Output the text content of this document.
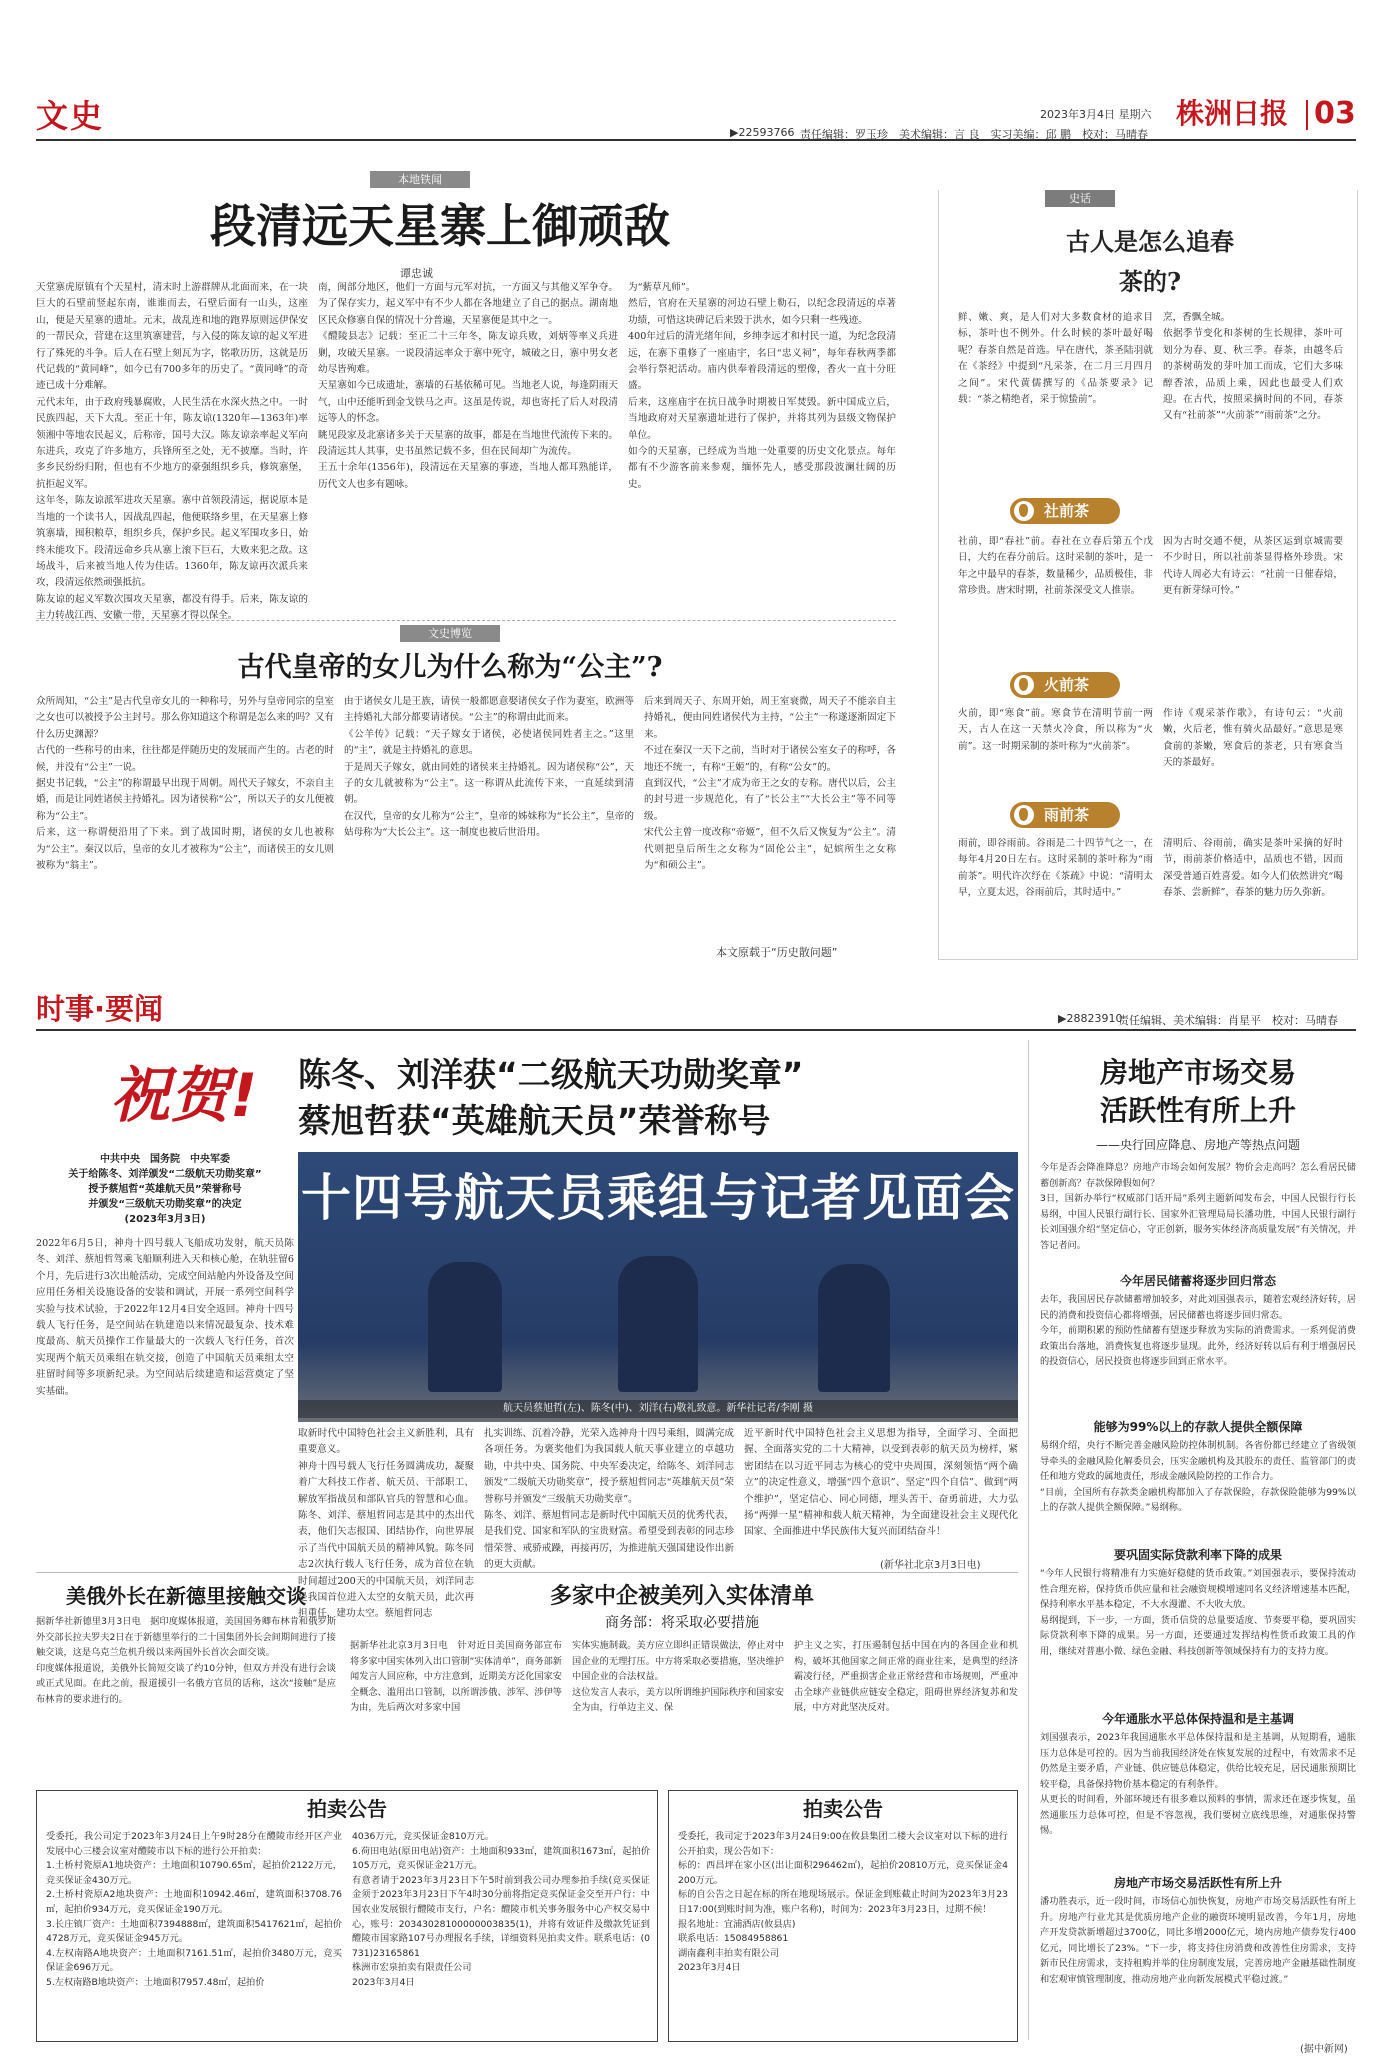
文史	2023年3月4日 星期六 株洲日报 03
▶22593766 责任编辑：罗玉珍　美术编辑：言 良　实习美编：邱 鹏　校对：马晴春
本地铁闻
段清远天星寨上御顽敌
谭忠诚
天堂寨虎原镇有个天星村，清末时上游群牌从北面而来，在一块巨大的石壁前竖起东南，谁谁而去，石壁后面有一山头，这座山，便是天星寨的遗址。元末，战乱连和地的跑界原则远伊保安的一帮民众，营建在这里筑寨建营，与入侵的陈友谅的起义军进行了殊死的斗争。后人在石壁上刻瓦为字，铭歌历历，这就是历代记载的“黄同峰”，如今已有700多年的历史了。“黄同峰”的奇迹已成十分难解。
元代末年，由于政府残暴腐败，人民生活在水深火热之中。一时民族四起，天下大乱。至正十年，陈友谅(1320年—1363年)率领湘中等地农民起义，后称帝，国号大汉。陈友谅亲率起义军向东进兵，攻克了许多地方，兵锋所至之处，无不披靡。当时，许多乡民纷纷归附，但也有不少地方的豪强组织乡兵，修筑寨堡，抗拒起义军。
这年冬，陈友谅派军进攻天星寨。寨中首领段清远，据说原本是当地的一个读书人，因战乱四起，他便联络乡里，在天星寨上修筑寨墙，囤积粮草，组织乡兵，保护乡民。起义军围攻多日，始终未能攻下。段清远命乡兵从寨上滚下巨石，大败来犯之敌。这场战斗，后来被当地人传为佳话。1360年，陈友谅再次派兵来攻，段清远依然顽强抵抗。
陈友谅的起义军数次围攻天星寨，都没有得手。后来，陈友谅的主力转战江西、安徽一带，天星寨才得以保全。
南，闽部分地区，他们一方面与元军对抗，一方面又与其他义军争夺。为了保存实力，起义军中有不少人都在各地建立了自己的据点。湖南地区民众修寨自保的情况十分普遍，天星寨便是其中之一。
《醴陵县志》记载：至正二十三年冬，陈友谅兵败，刘炳等率义兵进剿，攻破天星寨。一说段清远率众于寨中死守，城破之日，寨中男女老幼尽皆殉难。
天星寨如今已成遗址，寨墙的石基依稀可见。当地老人说，每逢阴雨天气，山中还能听到金戈铁马之声。这虽是传说，却也寄托了后人对段清远等人的怀念。
眺见段家及北寨诸多关于天星寨的故事，都是在当地世代流传下来的。段清远其人其事，史书虽然记载不多，但在民间却广为流传。
王五十余年(1356年)，段清远在天星寨的事迹，当地人都耳熟能详，历代文人也多有题咏。
为“紫草凡师”。
然后，官府在天星寨的河边石壁上勒石，以纪念段清远的卓著功绩，可惜这块碑记后来毁于洪水，如今只剩一些残迹。
400年过后的清光绪年间，乡绅李远才和村民一道，为纪念段清远，在寨下重修了一座庙宇，名曰“忠义祠”，每年春秋两季都会举行祭祀活动。庙内供奉着段清远的塑像，香火一直十分旺盛。
后来，这座庙宇在抗日战争时期被日军焚毁。新中国成立后，当地政府对天星寨遗址进行了保护，并将其列为县级文物保护单位。
如今的天星寨，已经成为当地一处重要的历史文化景点。每年都有不少游客前来参观，缅怀先人，感受那段波澜壮阔的历史。
文史博览
古代皇帝的女儿为什么称为“公主”?
众所周知，“公主”是古代皇帝女儿的一种称号，另外与皇帝同宗的皇室之女也可以被授予公主封号。那么你知道这个称谓是怎么来的吗？又有什么历史渊源？
古代的一些称号的由来，往往都是伴随历史的发展而产生的。古老的时候，并没有“公主”一说。
据史书记载，“公主”的称谓最早出现于周朝。周代天子嫁女，不亲自主婚，而是让同姓诸侯主持婚礼。因为诸侯称“公”，所以天子的女儿便被称为“公主”。
后来，这一称谓便沿用了下来。到了战国时期，诸侯的女儿也被称为“公主”。秦汉以后，皇帝的女儿才被称为“公主”，而诸侯王的女儿则被称为“翁主”。
由于诸侯女儿是王族，请侯一般都愿意娶诸侯女子作为妻室，欧洲等主持婚礼大部分都要请诸侯。“公主”的称谓由此而来。
《公羊传》记载：“天子嫁女于诸侯，必使诸侯同姓者主之。”这里的“主”，就是主持婚礼的意思。
于是周天子嫁女，就由同姓的诸侯来主持婚礼。因为诸侯称“公”，天子的女儿就被称为“公主”。这一称谓从此流传下来，一直延续到清朝。
在汉代，皇帝的女儿称为“公主”，皇帝的姊妹称为“长公主”，皇帝的姑母称为“大长公主”。这一制度也被后世沿用。
后来到周天子、东周开始，周王室衰微，周天子不能亲自主持婚礼，便由同姓诸侯代为主持，“公主”一称遂逐渐固定下来。
不过在秦汉一天下之前，当时对于诸侯公室女子的称呼，各地还不统一，有称“王姬”的，有称“公女”的。
直到汉代，“公主”才成为帝王之女的专称。唐代以后，公主的封号进一步规范化，有了“长公主”“大长公主”等不同等级。
宋代公主曾一度改称“帝姬”，但不久后又恢复为“公主”。清代则把皇后所生之女称为“固伦公主”，妃嫔所生之女称为“和硕公主”。
本文原载于“历史散问题”
史话
古人是怎么追春茶的?
鲜、嫩、爽，是人们对大多数食材的追求目标，茶叶也不例外。什么时候的茶叶最好喝呢？春茶自然是首选。早在唐代，茶圣陆羽就在《茶经》中提到“凡采茶，在二月三月四月之间”。宋代黄儒撰写的《品茶要录》记载：“茶之精绝者，采于惊蛰前”。
烹，香飘全城。
依据季节变化和茶树的生长规律，茶叶可划分为春、夏、秋三季。春茶，由越冬后的茶树萌发的芽叶加工而成，它们大多味醇香浓，品质上乘，因此也最受人们欢迎。在古代，按照采摘时间的不同，春茶又有“社前茶”“火前茶”“雨前茶”之分。
社前茶
社前，即“春社”前。春社在立春后第五个戊日，大约在春分前后。这时采制的茶叶，是一年之中最早的春茶，数量稀少，品质极佳，非常珍贵。唐宋时期，社前茶深受文人推崇。
因为古时交通不便，从茶区运到京城需要不少时日，所以社前茶显得格外珍贵。宋代诗人周必大有诗云：“社前一日催春焙，更有新芽绿可怜。”
火前茶
火前，即“寒食”前。寒食节在清明节前一两天，古人在这一天禁火冷食，所以称为“火前”。这一时期采制的茶叶称为“火前茶”。
作诗《观采茶作歌》，有诗句云：“火前嫩，火后老，惟有骑火品最好。”意思是寒食前的茶嫩，寒食后的茶老，只有寒食当天的茶最好。
雨前茶
雨前，即谷雨前。谷雨是二十四节气之一，在每年4月20日左右。这时采制的茶叶称为“雨前茶”。明代许次纾在《茶疏》中说：“清明太早，立夏太迟，谷雨前后，其时适中。”
清明后、谷雨前，确实是茶叶采摘的好时节，雨前茶价格适中，品质也不错，因而深受普通百姓喜爱。如今人们依然讲究“喝春茶、尝新鲜”，春茶的魅力历久弥新。
时事·要闻	▶28823910
责任编辑、美术编辑：肖星平　校对：马晴春
祝贺! 陈冬、刘洋获“二级航天功勋奖章”
蔡旭哲获“英雄航天员”荣誉称号
中共中央　国务院　中央军委
关于给陈冬、刘洋颁发“二级航天功勋奖章”
授予蔡旭哲“英雄航天员”荣誉称号
并颁发“三级航天功勋奖章”的决定
(2023年3月3日)	十四号航天员乘组与记者见面会
航天员蔡旭哲(左)、陈冬(中)、刘洋(右)敬礼致意。新华社记者/李刚 摄
2022年6月5日，神舟十四号载人飞船成功发射，航天员陈冬、刘洋、蔡旭哲驾乘飞船顺利进入天和核心舱，在轨驻留6个月，先后进行3次出舱活动，完成空间站舱内外设备及空间应用任务相关设施设备的安装和调试，开展一系列空间科学实验与技术试验，于2022年12月4日安全返回。神舟十四号载人飞行任务，是空间站在轨建造以来情况最复杂、技术难度最高、航天员操作工作量最大的一次载人飞行任务，首次实现两个航天员乘组在轨交接，创造了中国航天员乘组太空驻留时间等多项新纪录。为空间站后续建造和运营奠定了坚实基础。
取新时代中国特色社会主义新胜利，具有重要意义。
神舟十四号载人飞行任务圆满成功，凝聚着广大科技工作者、航天员、干部职工、解放军指战员和部队官兵的智慧和心血。陈冬、刘洋、蔡旭哲同志是其中的杰出代表，他们矢志报国、团结协作，向世界展示了当代中国航天员的精神风貌。陈冬同志2次执行载人飞行任务，成为首位在轨时间超过200天的中国航天员，刘洋同志是我国首位进入太空的女航天员，此次再担重任，建功太空。蔡旭哲同志
扎实训练、沉着冷静，光荣入选神舟十四号乘组，圆满完成各项任务。为褒奖他们为我国载人航天事业建立的卓越功勋，中共中央、国务院、中央军委决定，给陈冬、刘洋同志颁发“二级航天功勋奖章”，授予蔡旭哲同志“英雄航天员”荣誉称号并颁发“三级航天功勋奖章”。
陈冬、刘洋、蔡旭哲同志是新时代中国航天员的优秀代表，是我们党、国家和军队的宝贵财富。希望受到表彰的同志珍惜荣誉、戒骄戒躁，再接再厉，为推进航天强国建设作出新的更大贡献。
近平新时代中国特色社会主义思想为指导，全面学习、全面把握、全面落实党的二十大精神，以受到表彰的航天员为榜样，紧密团结在以习近平同志为核心的党中央周围，深刻领悟“两个确立”的决定性意义，增强“四个意识”、坚定“四个自信”、做到“两个维护”，坚定信心、同心同德，埋头苦干、奋勇前进，大力弘扬“两弹一星”精神和载人航天精神，为全面建设社会主义现代化国家、全面推进中华民族伟大复兴而团结奋斗！
(新华社北京3月3日电)
房地产市场交易
活跃性有所上升
——央行回应降息、房地产等热点问题
今年是否会降准降息？房地产市场会如何发展？物价会走高吗？怎么看居民储蓄创新高？存款保障假如何？
3日，国新办举行“权威部门话开局”系列主题新闻发布会，中国人民银行行长易纲，中国人民银行副行长、国家外汇管理局局长潘功胜，中国人民银行副行长刘国强介绍“坚定信心，守正创新，服务实体经济高质量发展”有关情况，并答记者问。
今年居民储蓄将逐步回归常态
去年，我国居民存款储蓄增加较多，对此刘国强表示，随着宏观经济好转，居民的消费和投资信心都将增强，居民储蓄也将逐步回归常态。
今年，前期积累的预防性储蓄有望逐步释放为实际的消费需求。一系列促消费政策出台落地，消费恢复也将逐步显现。此外，经济好转以后有利于增强居民的投资信心，居民投资也将逐步回到正常水平。
能够为99%以上的存款人提供全额保障
易纲介绍，央行不断完善金融风险防控体制机制。各省份都已经建立了省级领导牵头的金融风险化解委员会，压实金融机构及其股东的责任、监管部门的责任和地方党政的属地责任，形成金融风险防控的工作合力。
“目前，全国所有存款类金融机构都加入了存款保险，存款保险能够为99%以上的存款人提供全额保障。”易纲称。
要巩固实际贷款利率下降的成果
“今年人民银行将精准有力实施好稳健的货币政策。”刘国强表示，要保持流动性合理充裕，保持货币供应量和社会融资规模增速同名义经济增速基本匹配，保持利率水平基本稳定，不大水漫灌、不大收大放。
易纲提到，下一步，一方面，货币信贷的总量要适度、节奏要平稳，要巩固实际贷款利率下降的成果。另一方面，还要通过发挥结构性货币政策工具的作用，继续对普惠小微、绿色金融、科技创新等领域保持有力的支持力度。
今年通胀水平总体保持温和是主基调
刘国强表示，2023年我国通胀水平总体保持温和是主基调，从短期看，通胀压力总体是可控的。因为当前我国经济处在恢复发展的过程中，有效需求不足仍然是主要矛盾，产业链、供应链总体稳定，供给比较充足，居民通胀预期比较平稳，具备保持物价基本稳定的有利条件。
从更长的时间看，外部环境还有很多难以预料的事情，需求还在逐步恢复，虽然通胀压力总体可控，但是不容忽视，我们要树立底线思维，对通胀保持警惕。
房地产市场交易活跃性有所上升
潘功胜表示，近一段时间，市场信心加快恢复，房地产市场交易活跃性有所上升。房地产行业尤其是优质房地产企业的融资环境明显改善，今年1月，房地产开发贷款新增超过3700亿，同比多增2000亿元，境内房地产债券发行400亿元，同比增长了23%。“下一步，将支持住房消费和改善性住房需求，支持新市民住房需求，支持租购并举的住房制度发展，完善房地产金融基础性制度和宏观审慎管理制度，推动房地产业向新发展模式平稳过渡。”
(据中新网)
美俄外长在新德里接触交谈
据新华社新德里3月3日电　据印度媒体报道，美国国务卿布林肯和俄罗斯外交部长拉夫罗夫2日在于新德里举行的二十国集团外长会间期间进行了接触交谈，这是乌克兰危机升级以来两国外长首次会面交谈。
印度媒体报道说，美俄外长简短交谈了约10分钟，但双方并没有进行会谈或正式见面。在此之前，报道援引一名俄方官员的话称，这次“接触”是应布林肯的要求进行的。
多家中企被美列入实体清单
商务部：将采取必要措施
据新华社北京3月3日电　针对近日美国商务部宣布将多家中国实体列入出口管制“实体清单”，商务部新闻发言人回应称，中方注意到，近期美方泛化国家安全概念、滥用出口管制，以所谓涉俄、涉军、涉伊等为由，先后两次对多家中国
实体实施制裁。美方应立即纠正错误做法，停止对中国企业的无理打压。中方将采取必要措施，坚决维护中国企业的合法权益。
这位发言人表示，美方以所谓维护国际秩序和国家安全为由，行单边主义、保
护主义之实，打压遏制包括中国在内的各国企业和机构，破坏其他国家之间正常的商业往来，是典型的经济霸凌行径，严重损害企业正常经营和市场规则，严重冲击全球产业链供应链安全稳定，阻碍世界经济复苏和发展，中方对此坚决反对。
拍卖公告
受委托，我公司定于2023年3月24日上午9时28分在醴陵市经开区产业发展中心三楼会议室对醴陵市以下标的进行公开拍卖：
1.土桥村瓷原A1地块资产：土地面积10790.65㎡，起拍价2122万元，竞买保证金430万元。
2.土桥村瓷原A2地块资产：土地面积10942.46㎡，建筑面积3708.76㎡，起拍价934万元，竞买保证金190万元。
3.长庄镇厂资产：土地面积7394888㎡，建筑面积5417621㎡，起拍价4728万元，竞买保证金945万元。
4.左权南路A地块资产：土地面积7161.51㎡，起拍价3480万元，竞买保证金696万元。
5.左权南路B地块资产：土地面积7957.48㎡，起拍价
4036万元，竞买保证金810万元。
6.荷田电站(原田电站)资产：土地面积933㎡，建筑面积1673㎡，起拍价105万元，竞买保证金21万元。
有意者请于2023年3月23日下午5时前到我公司办理参拍手续(竞买保证金须于2023年3月23日下午4时30分前将指定竞买保证金交至开户行：中国农业发展银行醴陵市支行，户名：醴陵市机关事务服务中心产权交易中心，账号：20343028100000003835(1)，并将有效证件及缴款凭证到醴陵市国家路107号办理报名手续，详细资料见拍卖文件。联系电话：(0731)23165861
株洲市宏泉拍卖有限责任公司
2023年3月4日
拍卖公告
受委托，我司定于2023年3月24日9:00在攸县集团二楼大会议室对以下标的进行公开拍卖，现公告如下：
标的：西昌坪在家小区(出让面积296462㎡)，起拍价20810万元，竞买保证金4200万元。
标的自公告之日起在标的所在地现场展示。保证金到账截止时间为2023年3月23日17:00(到账时间为准，账户名称)，时间为：2023年3月23日，过期不候！
报名地址：宜浦酒店(攸县店)
联系电话：15084958861
湖南鑫利丰拍卖有限公司
2023年3月4日
